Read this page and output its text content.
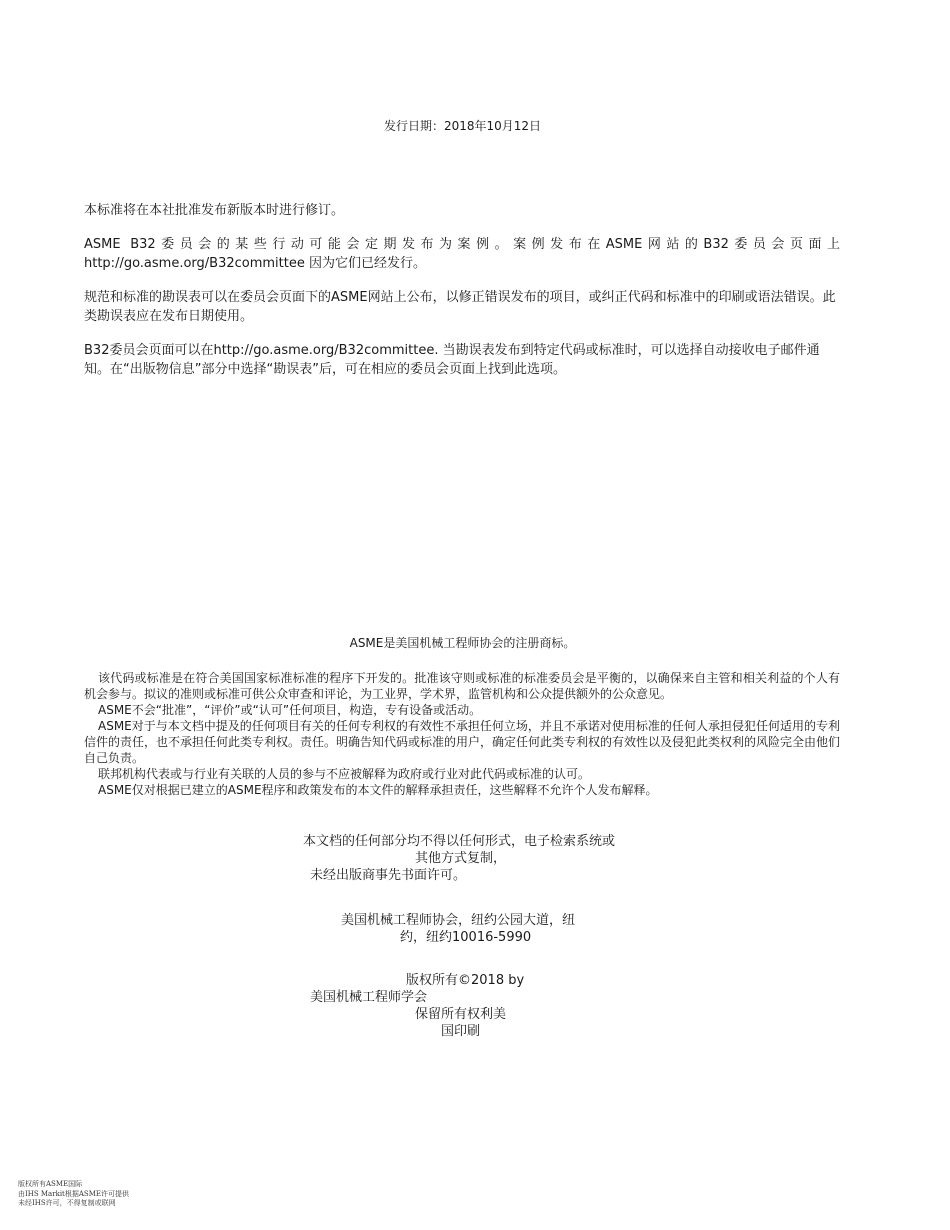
发行日期：2018年10月12日

本标准将在本社批准发布新版本时进行修订。

ASME B32委员会的某些行动可能会定期发布为案例。案例发布在ASME网站的B32委员会页面上 http://go.asme.org/B32committee 因为它们已经发行。

规范和标准的勘误表可以在委员会页面下的ASME网站上公布，以修正错误发布的项目，或纠正代码和标准中的印刷或语法错误。此类勘误表应在发布日期使用。

B32委员会页面可以在http://go.asme.org/B32committee. 当勘误表发布到特定代码或标准时，可以选择自动接收电子邮件通知。在“出版物信息”部分中选择“勘误表”后，可在相应的委员会页面上找到此选项。

ASME是美国机械工程师协会的注册商标。

该代码或标准是在符合美国国家标准标准的程序下开发的。批准该守则或标准的标准委员会是平衡的，以确保来自主管和相关利益的个人有机会参与。拟议的准则或标准可供公众审查和评论，为工业界，学术界，监管机构和公众提供额外的公众意见。

ASME不会“批准”，“评价”或“认可”任何项目，构造，专有设备或活动。

ASME对于与本文档中提及的任何项目有关的任何专利权的有效性不承担任何立场，并且不承诺对使用标准的任何人承担侵犯任何适用的专利信件的责任，也不承担任何此类专利权。责任。明确告知代码或标准的用户，确定任何此类专利权的有效性以及侵犯此类权利的风险完全由他们自己负责。

联邦机构代表或与行业有关联的人员的参与不应被解释为政府或行业对此代码或标准的认可。

ASME仅对根据已建立的ASME程序和政策发布的本文件的解释承担责任，这些解释不允许个人发布解释。

本文档的任何部分均不得以任何形式，电子检索系统或
其他方式复制，
未经出版商事先书面许可。
美国机械工程师协会，纽约公园大道，纽
约，纽约10016-5990
版权所有©2018 by
美国机械工程师学会
保留所有权利美
国印刷
版权所有ASME国际
由IHS Markit根据ASME许可提供
未经IHS许可，不得复制或联网
